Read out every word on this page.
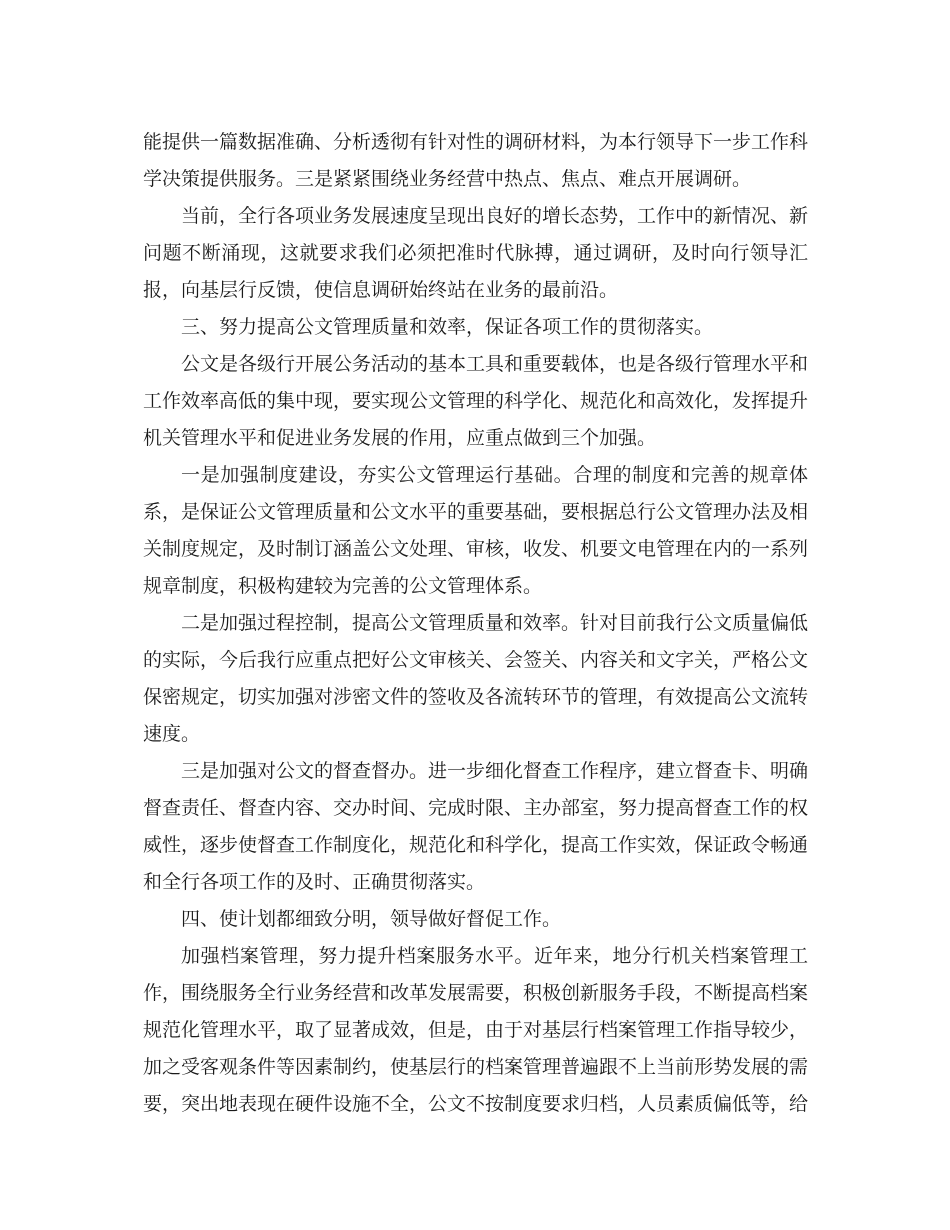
能提供一篇数据准确、分析透彻有针对性的调研材料，为本行领导下一步工作科学决策提供服务。三是紧紧围绕业务经营中热点、焦点、难点开展调研。

当前，全行各项业务发展速度呈现出良好的增长态势，工作中的新情况、新问题不断涌现，这就要求我们必须把准时代脉搏，通过调研，及时向行领导汇报，向基层行反馈，使信息调研始终站在业务的最前沿。

三、努力提高公文管理质量和效率，保证各项工作的贯彻落实。

公文是各级行开展公务活动的基本工具和重要载体，也是各级行管理水平和工作效率高低的集中现，要实现公文管理的科学化、规范化和高效化，发挥提升机关管理水平和促进业务发展的作用，应重点做到三个加强。

一是加强制度建设，夯实公文管理运行基础。合理的制度和完善的规章体系，是保证公文管理质量和公文水平的重要基础，要根据总行公文管理办法及相关制度规定，及时制订涵盖公文处理、审核，收发、机要文电管理在内的一系列规章制度，积极构建较为完善的公文管理体系。

二是加强过程控制，提高公文管理质量和效率。针对目前我行公文质量偏低的实际，今后我行应重点把好公文审核关、会签关、内容关和文字关，严格公文保密规定，切实加强对涉密文件的签收及各流转环节的管理，有效提高公文流转速度。

三是加强对公文的督查督办。进一步细化督查工作程序，建立督查卡、明确督查责任、督查内容、交办时间、完成时限、主办部室，努力提高督查工作的权威性，逐步使督查工作制度化，规范化和科学化，提高工作实效，保证政令畅通和全行各项工作的及时、正确贯彻落实。

四、使计划都细致分明，领导做好督促工作。

加强档案管理，努力提升档案服务水平。近年来，地分行机关档案管理工作，围绕服务全行业务经营和改革发展需要，积极创新服务手段，不断提高档案规范化管理水平，取了显著成效，但是，由于对基层行档案管理工作指导较少，加之受客观条件等因素制约，使基层行的档案管理普遍跟不上当前形势发展的需要，突出地表现在硬件设施不全，公文不按制度要求归档，人员素质偏低等，给
